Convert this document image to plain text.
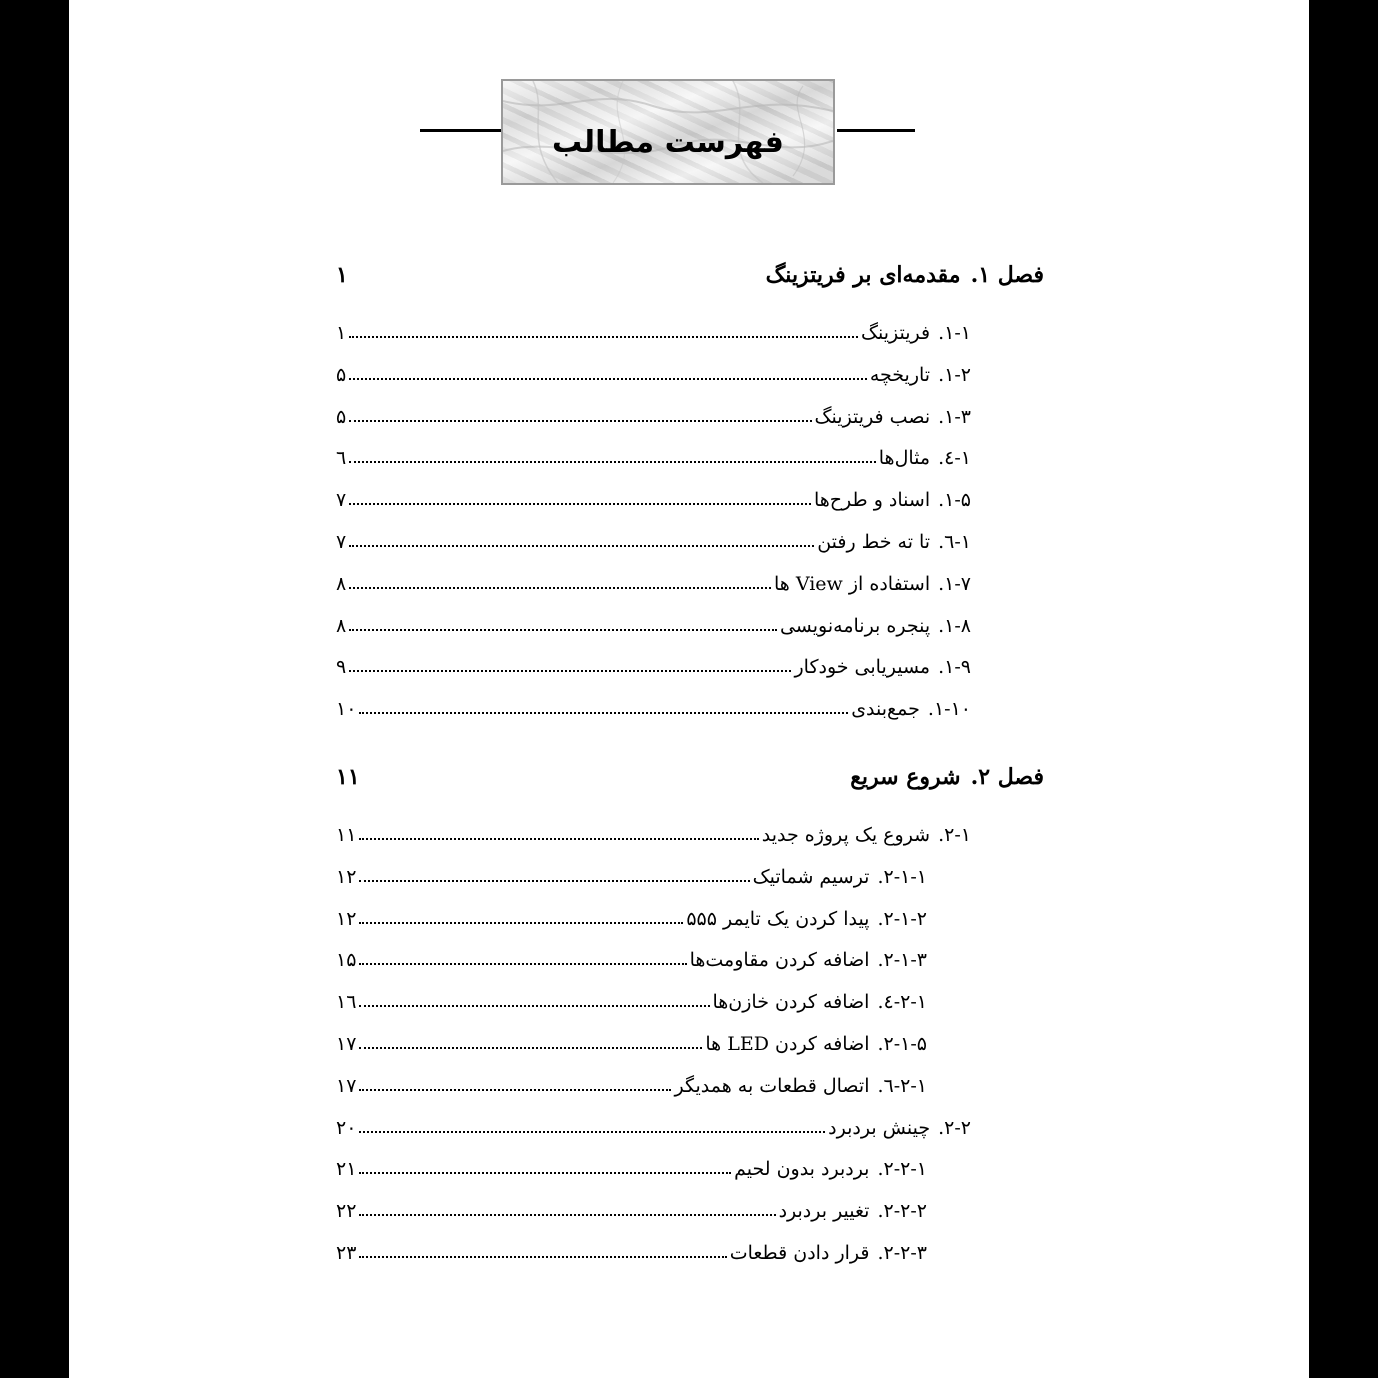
فهرست مطالب
فصل ۱.
مقدمه‌ای بر فریتزینگ
۱
۱-۱.
فریتزینگ
۱
۱-۲.
تاریخچه
۵
۱-۳.
نصب فریتزینگ
۵
۱-٤.
مثال‌ها
٦
۱-۵.
اسناد و طرح‌ها
۷
۱-٦.
تا ته خط رفتن
۷
۱-۷.
استفاده از View ها
۸
۱-۸.
پنجره برنامه‌نویسی
۸
۱-۹.
مسیریابی خودکار
۹
۱-۱۰.
جمع‌بندی
۱۰
فصل ۲.
شروع سریع
۱۱
۲-۱.
شروع یک پروژه جدید
۱۱
۲-۱-۱.
ترسیم شماتیک
۱۲
۲-۱-۲.
پیدا کردن یک تایمر ۵۵۵
۱۲
۲-۱-۳.
اضافه کردن مقاومت‌ها
۱۵
۲-۱-٤.
اضافه کردن خازن‌ها
۱٦
۲-۱-۵.
اضافه کردن LED ها
۱۷
۲-۱-٦.
اتصال قطعات به همدیگر
۱۷
۲-۲.
چینش بردبرد
۲۰
۲-۲-۱.
بردبرد بدون لحیم
۲۱
۲-۲-۲.
تغییر بردبرد
۲۲
۲-۲-۳.
قرار دادن قطعات
۲۳
